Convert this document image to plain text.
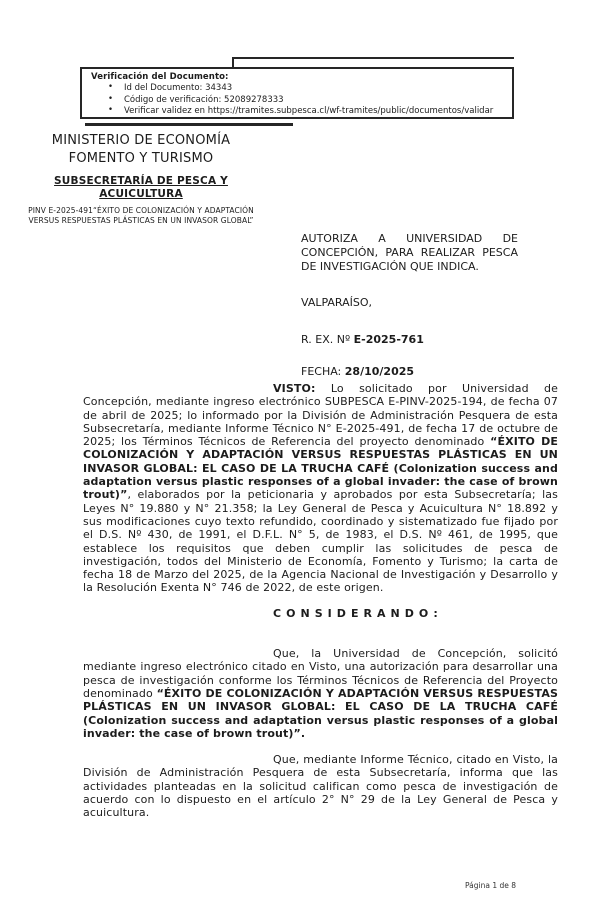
Verificación del Documento:
• Id del Documento: 34343
• Código de verificación: 52089278333
• Verificar validez en https://tramites.subpesca.cl/wf-tramites/public/documentos/validar
MINISTERIO DE ECONOMÍA
FOMENTO Y TURISMO
SUBSECRETARÍA DE PESCA Y
ACUICULTURA
PINV E-2025-491“ÉXITO DE COLONIZACIÓN Y ADAPTACIÓN VERSUS RESPUESTAS PLÁSTICAS EN UN INVASOR GLOBAL”

AUTORIZA A UNIVERSIDAD DE CONCEPCIÓN, PARA REALIZAR PESCA DE INVESTIGACIÓN QUE INDICA.

VALPARAÍSO,

R. EX. Nº E-2025-761

FECHA: 28/10/2025

VISTO: Lo solicitado por Universidad de Concepción, mediante ingreso electrónico SUBPESCA E-PINV-2025-194, de fecha 07 de abril de 2025; lo informado por la División de Administración Pesquera de esta Subsecretaría, mediante Informe Técnico N° E-2025-491, de fecha 17 de octubre de 2025; los Términos Técnicos de Referencia del proyecto denominado “ÉXITO DE COLONIZACIÓN Y ADAPTACIÓN VERSUS RESPUESTAS PLÁSTICAS EN UN INVASOR GLOBAL: EL CASO DE LA TRUCHA CAFÉ (Colonization success and adaptation versus plastic responses of a global invader: the case of brown trout)”, elaborados por la peticionaria y aprobados por esta Subsecretaría; las Leyes N° 19.880 y N° 21.358; la Ley General de Pesca y Acuicultura N° 18.892 y sus modificaciones cuyo texto refundido, coordinado y sistematizado fue fijado por el D.S. Nº 430, de 1991, el D.F.L. N° 5, de 1983, el D.S. Nº 461, de 1995, que establece los requisitos que deben cumplir las solicitudes de pesca de investigación, todos del Ministerio de Economía, Fomento y Turismo; la carta de fecha 18 de Marzo del 2025, de la Agencia Nacional de Investigación y Desarrollo y la Resolución Exenta N° 746 de 2022, de este origen.

C O N S I D E R A N D O :

Que, la Universidad de Concepción, solicitó mediante ingreso electrónico citado en Visto, una autorización para desarrollar una pesca de investigación conforme los Términos Técnicos de Referencia del Proyecto denominado “ÉXITO DE COLONIZACIÓN Y ADAPTACIÓN VERSUS RESPUESTAS PLÁSTICAS EN UN INVASOR GLOBAL: EL CASO DE LA TRUCHA CAFÉ (Colonization success and adaptation versus plastic responses of a global invader: the case of brown trout)”.

Que, mediante Informe Técnico, citado en Visto, la División de Administración Pesquera de esta Subsecretaría, informa que las actividades planteadas en la solicitud califican como pesca de investigación de acuerdo con lo dispuesto en el artículo 2° N° 29 de la Ley General de Pesca y acuicultura.

Página 1 de 8
